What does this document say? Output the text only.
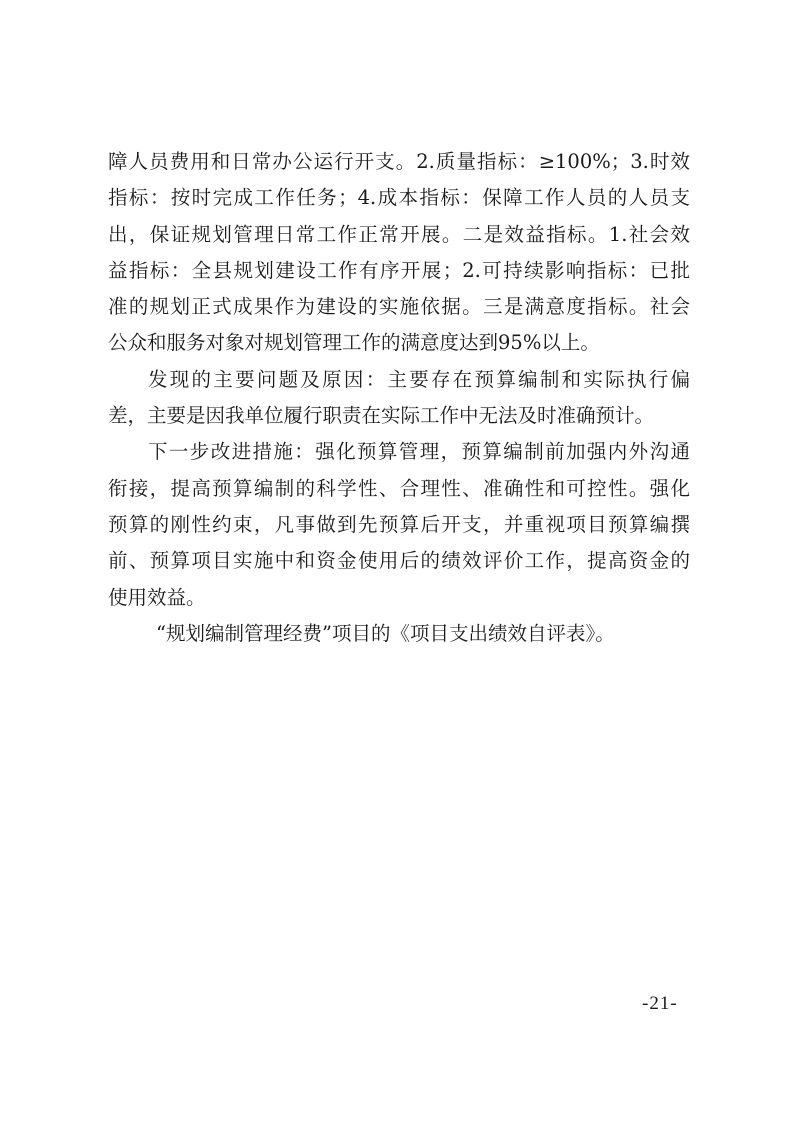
障人员费用和日常办公运行开支。2.质量指标：≥100%；3.时效
指标：按时完成工作任务；4.成本指标：保障工作人员的人员支
出，保证规划管理日常工作正常开展。二是效益指标。1.社会效
益指标：全县规划建设工作有序开展；2.可持续影响指标：已批
准的规划正式成果作为建设的实施依据。三是满意度指标。社会
公众和服务对象对规划管理工作的满意度达到95%以上。
发现的主要问题及原因：主要存在预算编制和实际执行偏
差，主要是因我单位履行职责在实际工作中无法及时准确预计。
下一步改进措施：强化预算管理，预算编制前加强内外沟通
衔接，提高预算编制的科学性、合理性、准确性和可控性。强化
预算的刚性约束，凡事做到先预算后开支，并重视项目预算编撰
前、预算项目实施中和资金使用后的绩效评价工作，提高资金的
使用效益。
“规划编制管理经费”项目的《项目支出绩效自评表》。
-21-
